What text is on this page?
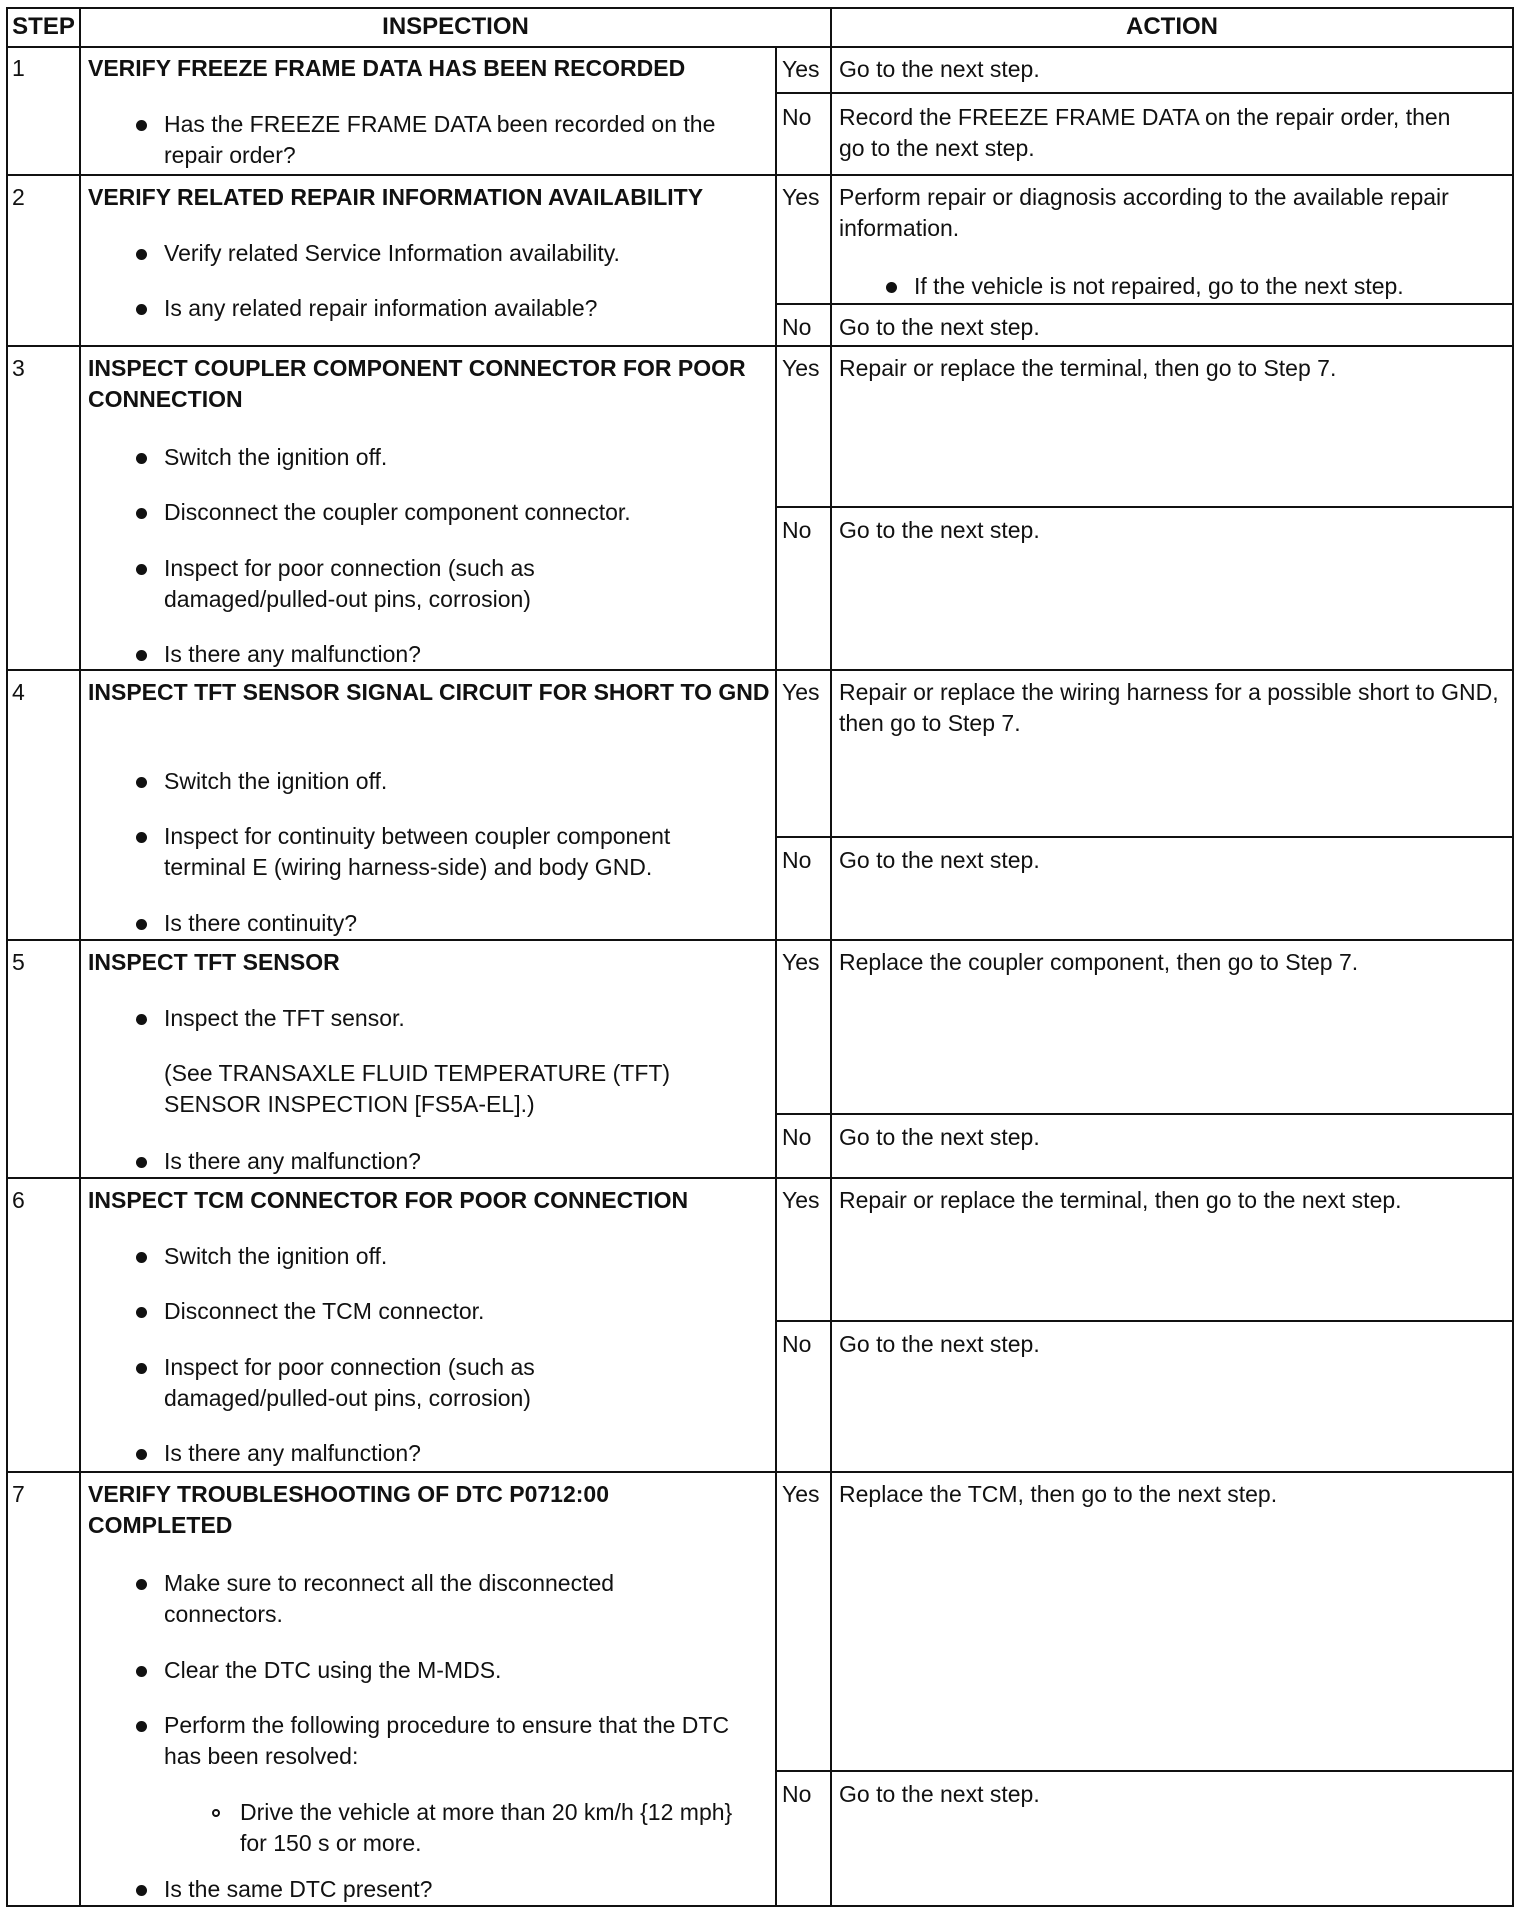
STEP	INSPECTION	ACTION
1	VERIFY FREEZE FRAME DATA HAS BEEN RECORDED
Has the FREEZE FRAME DATA been recorded on the repair order?
Yes Go to the next step.
No Record the FREEZE FRAME DATA on the repair order, then go to the next step.
2	VERIFY RELATED REPAIR INFORMATION AVAILABILITY
Verify related Service Information availability.
Is any related repair information available?
Yes Perform repair or diagnosis according to the available repair information.
If the vehicle is not repaired, go to the next step.
No Go to the next step.
3	INSPECT COUPLER COMPONENT CONNECTOR FOR POOR CONNECTION
Switch the ignition off.
Disconnect the coupler component connector.
Inspect for poor connection (such as damaged/pulled-out pins, corrosion)
Is there any malfunction?
Yes Repair or replace the terminal, then go to Step 7.
No Go to the next step.
4	INSPECT TFT SENSOR SIGNAL CIRCUIT FOR SHORT TO GND
Switch the ignition off.
Inspect for continuity between coupler component terminal E (wiring harness-side) and body GND.
Is there continuity?
Yes Repair or replace the wiring harness for a possible short to GND, then go to Step 7.
No Go to the next step.
5	INSPECT TFT SENSOR
Inspect the TFT sensor.
(See TRANSAXLE FLUID TEMPERATURE (TFT) SENSOR INSPECTION [FS5A-EL].)
Is there any malfunction?
Yes Replace the coupler component, then go to Step 7.
No Go to the next step.
6	INSPECT TCM CONNECTOR FOR POOR CONNECTION
Switch the ignition off.
Disconnect the TCM connector.
Inspect for poor connection (such as damaged/pulled-out pins, corrosion)
Is there any malfunction?
Yes Repair or replace the terminal, then go to the next step.
No Go to the next step.
7	VERIFY TROUBLESHOOTING OF DTC P0712:00 COMPLETED
Make sure to reconnect all the disconnected connectors.
Clear the DTC using the M-MDS.
Perform the following procedure to ensure that the DTC has been resolved:
Drive the vehicle at more than 20 km/h {12 mph} for 150 s or more.
Is the same DTC present?
Yes Replace the TCM, then go to the next step.
No Go to the next step.
